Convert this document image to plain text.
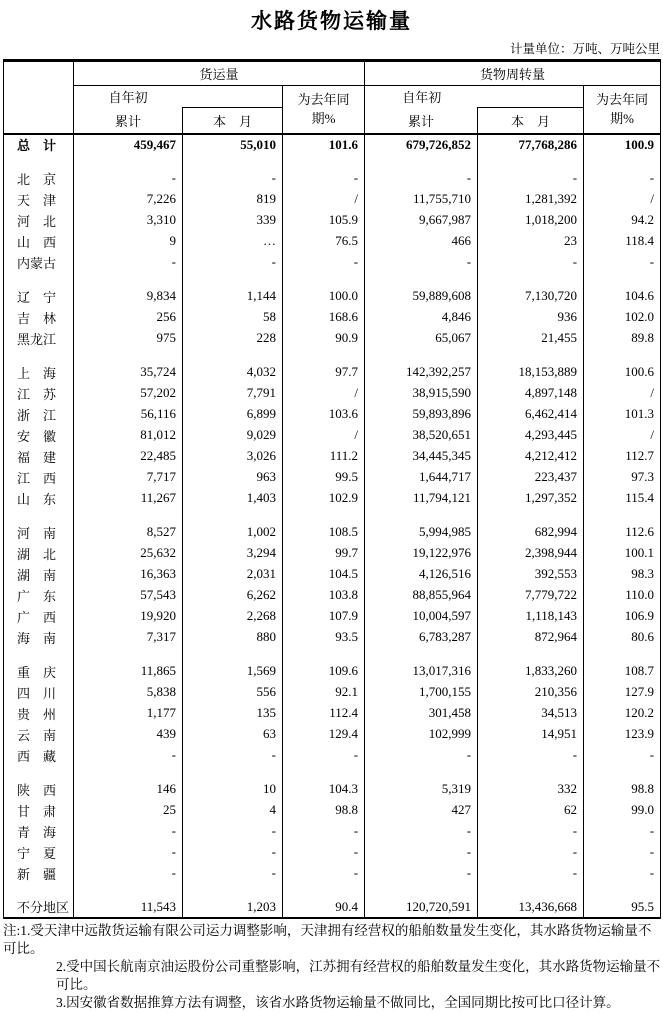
水路货物运输量
计量单位：万吨、万吨公里
	货运量			货物周转量		
	自年初		为去年同期%	自年初		为去年同期%
	累计	本　月		累计	本　月	
总　计	459,467	55,010	101.6	679,726,852	77,768,286	100.9

北　京	-	-	-	-	-	-
天　津	7,226	819	/	11,755,710	1,281,392	/
河　北	3,310	339	105.9	9,667,987	1,018,200	94.2
山　西	9	…	76.5	466	23	118.4
内蒙古	-	-	-	-	-	-

辽　宁	9,834	1,144	100.0	59,889,608	7,130,720	104.6
吉　林	256	58	168.6	4,846	936	102.0
黑龙江	975	228	90.9	65,067	21,455	89.8

上　海	35,724	4,032	97.7	142,392,257	18,153,889	100.6
江　苏	57,202	7,791	/	38,915,590	4,897,148	/
浙　江	56,116	6,899	103.6	59,893,896	6,462,414	101.3
安　徽	81,012	9,029	/	38,520,651	4,293,445	/
福　建	22,485	3,026	111.2	34,445,345	4,212,412	112.7
江　西	7,717	963	99.5	1,644,717	223,437	97.3
山　东	11,267	1,403	102.9	11,794,121	1,297,352	115.4

河　南	8,527	1,002	108.5	5,994,985	682,994	112.6
湖　北	25,632	3,294	99.7	19,122,976	2,398,944	100.1
湖　南	16,363	2,031	104.5	4,126,516	392,553	98.3
广　东	57,543	6,262	103.8	88,855,964	7,779,722	110.0
广　西	19,920	2,268	107.9	10,004,597	1,118,143	106.9
海　南	7,317	880	93.5	6,783,287	872,964	80.6

重　庆	11,865	1,569	109.6	13,017,316	1,833,260	108.7
四　川	5,838	556	92.1	1,700,155	210,356	127.9
贵　州	1,177	135	112.4	301,458	34,513	120.2
云　南	439	63	129.4	102,999	14,951	123.9
西　藏	-	-	-	-	-	-

陕　西	146	10	104.3	5,319	332	98.8
甘　肃	25	4	98.8	427	62	99.0
青　海	-	-	-	-	-	-
宁　夏	-	-	-	-	-	-
新　疆	-	-	-	-	-	-

不分地区	11,543	1,203	90.4	120,720,591	13,436,668	95.5
注:1.受天津中远散货运输有限公司运力调整影响，天津拥有经营权的船舶数量发生变化，其水路货物运输量不可比。
2.受中国长航南京油运股份公司重整影响，江苏拥有经营权的船舶数量发生变化，其水路货物运输量不可比。
3.因安徽省数据推算方法有调整，该省水路货物运输量不做同比，全国同期比按可比口径计算。
